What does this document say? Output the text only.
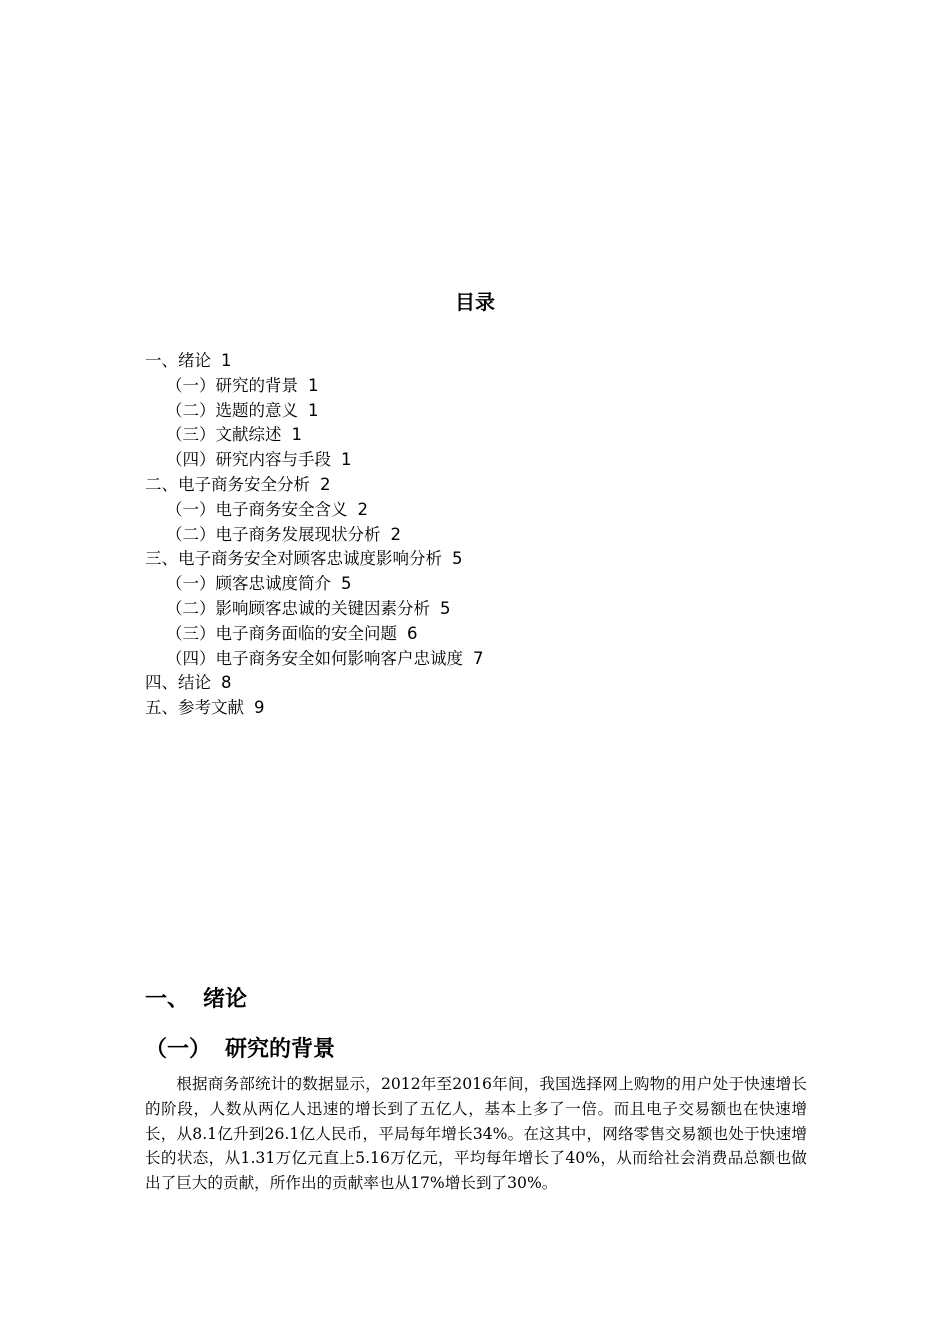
目录
一、绪论 1
（一）研究的背景 1
（二）选题的意义 1
（三）文献综述 1
（四）研究内容与手段 1
二、电子商务安全分析 2
（一）电子商务安全含义 2
（二）电子商务发展现状分析 2
三、电子商务安全对顾客忠诚度影响分析 5
（一）顾客忠诚度简介 5
（二）影响顾客忠诚的关键因素分析 5
（三）电子商务面临的安全问题 6
（四）电子商务安全如何影响客户忠诚度 7
四、结论 8
五、参考文献 9
一、 绪论
（一） 研究的背景

根据商务部统计的数据显示，2012年至2016年间，我国选择网上购物的用户处于快速增长的阶段，人数从两亿人迅速的增长到了五亿人，基本上多了一倍。而且电子交易额也在快速增长，从8.1亿升到26.1亿人民币，平局每年增长34%。在这其中，网络零售交易额也处于快速增长的状态，从1.31万亿元直上5.16万亿元，平均每年增长了40%，从而给社会消费品总额也做出了巨大的贡献，所作出的贡献率也从17%增长到了30%。
